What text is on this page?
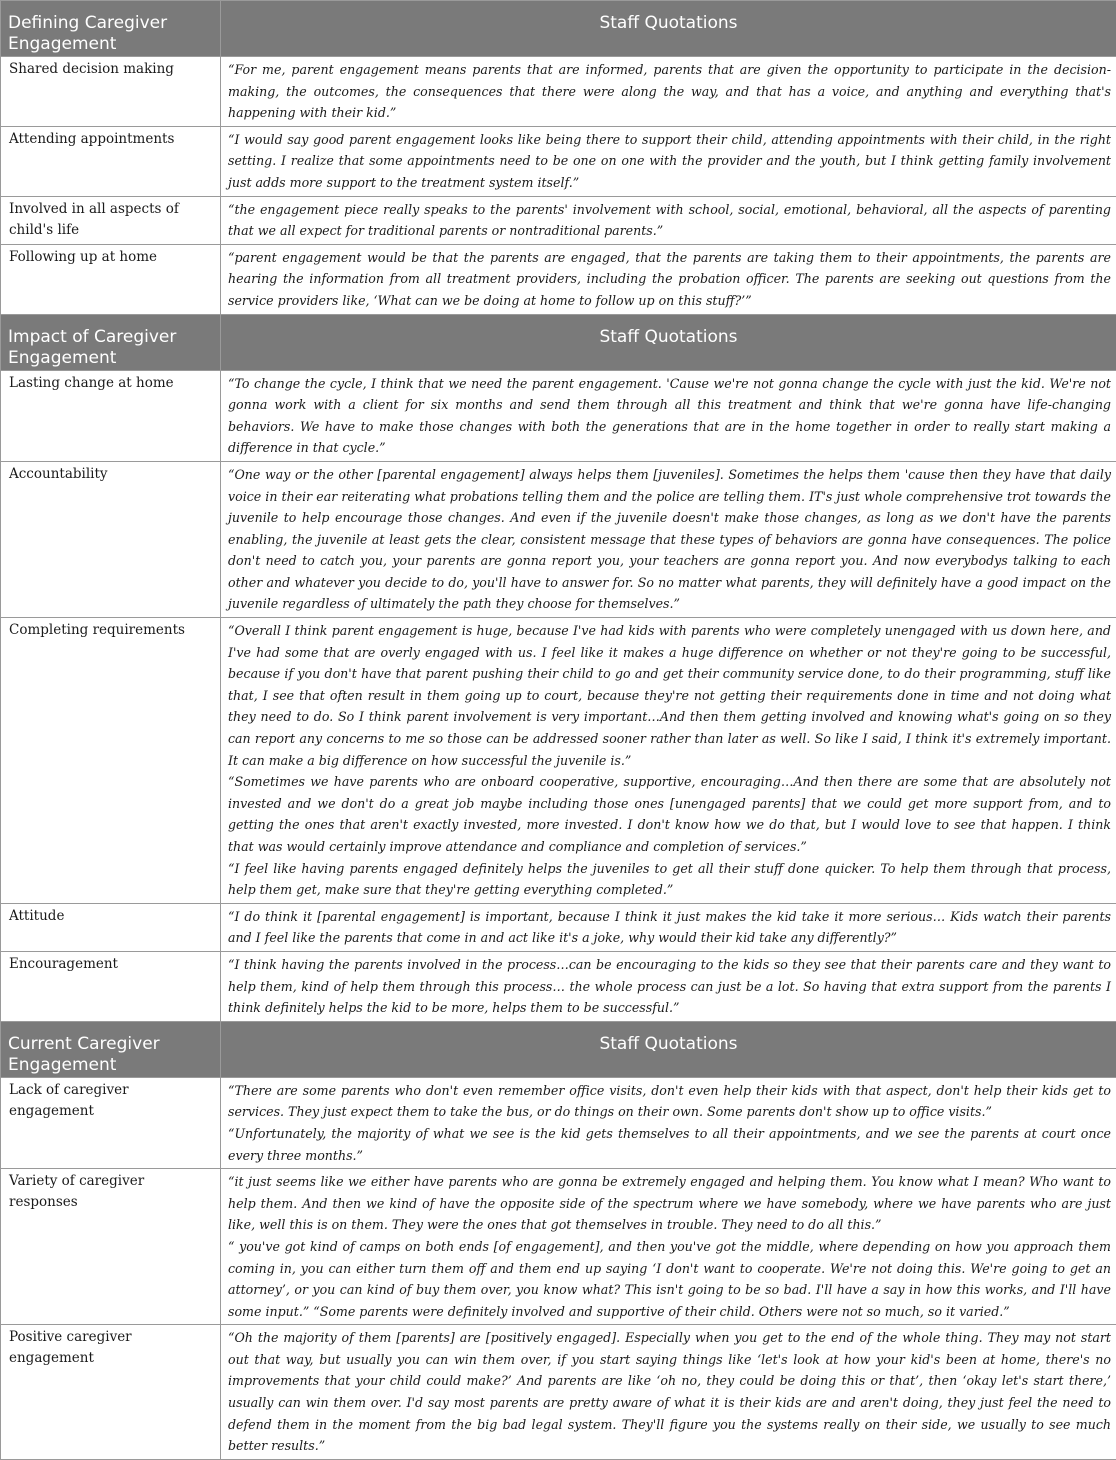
Defining Caregiver Engagement	Staff Quotations
Shared decision making	“For me, parent engagement means parents that are informed, parents that are given the opportunity to participate in the decision-making, the outcomes, the consequences that there were along the way, and that has a voice, and anything and everything that's happening with their kid.”

Attending appointments	“I would say good parent engagement looks like being there to support their child, attending appointments with their child, in the right setting. I realize that some appointments need to be one on one with the provider and the youth, but I think getting family involvement just adds more support to the treatment system itself.”

Involved in all aspects of child's life	“the engagement piece really speaks to the parents' involvement with school, social, emotional, behavioral, all the aspects of parenting that we all expect for traditional parents or nontraditional parents.”

Following up at home	“parent engagement would be that the parents are engaged, that the parents are taking them to their appointments, the parents are hearing the information from all treatment providers, including the probation officer. The parents are seeking out questions from the service providers like, ‘What can we be doing at home to follow up on this stuff?’”

Impact of Caregiver Engagement	Staff Quotations
Lasting change at home	“To change the cycle, I think that we need the parent engagement. 'Cause we're not gonna change the cycle with just the kid. We're not gonna work with a client for six months and send them through all this treatment and think that we're gonna have life-changing behaviors. We have to make those changes with both the generations that are in the home together in order to really start making a difference in that cycle.”

Accountability	“One way or the other [parental engagement] always helps them [juveniles]. Sometimes the helps them 'cause then they have that daily voice in their ear reiterating what probations telling them and the police are telling them. IT's just whole comprehensive trot towards the juvenile to help encourage those changes. And even if the juvenile doesn't make those changes, as long as we don't have the parents enabling, the juvenile at least gets the clear, consistent message that these types of behaviors are gonna have consequences. The police don't need to catch you, your parents are gonna report you, your teachers are gonna report you. And now everybodys talking to each other and whatever you decide to do, you'll have to answer for. So no matter what parents, they will definitely have a good impact on the juvenile regardless of ultimately the path they choose for themselves.”

Completing requirements	“Overall I think parent engagement is huge, because I've had kids with parents who were completely unengaged with us down here, and I've had some that are overly engaged with us. I feel like it makes a huge difference on whether or not they're going to be successful, because if you don't have that parent pushing their child to go and get their community service done, to do their programming, stuff like that, I see that often result in them going up to court, because they're not getting their requirements done in time and not doing what they need to do. So I think parent involvement is very important…And then them getting involved and knowing what's going on so they can report any concerns to me so those can be addressed sooner rather than later as well. So like I said, I think it's extremely important. It can make a big difference on how successful the juvenile is.”

“Sometimes we have parents who are onboard cooperative, supportive, encouraging…And then there are some that are absolutely not invested and we don't do a great job maybe including those ones [unengaged parents] that we could get more support from, and to getting the ones that aren't exactly invested, more invested. I don't know how we do that, but I would love to see that happen. I think that was would certainly improve attendance and compliance and completion of services.”

“I feel like having parents engaged definitely helps the juveniles to get all their stuff done quicker. To help them through that process, help them get, make sure that they're getting everything completed.”

Attitude	“I do think it [parental engagement] is important, because I think it just makes the kid take it more serious… Kids watch their parents and I feel like the parents that come in and act like it's a joke, why would their kid take any differently?”

Encouragement	“I think having the parents involved in the process…can be encouraging to the kids so they see that their parents care and they want to help them, kind of help them through this process… the whole process can just be a lot. So having that extra support from the parents I think definitely helps the kid to be more, helps them to be successful.”

Current Caregiver Engagement	Staff Quotations
Lack of caregiver engagement	“There are some parents who don't even remember office visits, don't even help their kids with that aspect, don't help their kids get to services. They just expect them to take the bus, or do things on their own. Some parents don't show up to office visits.”

“Unfortunately, the majority of what we see is the kid gets themselves to all their appointments, and we see the parents at court once every three months.”

Variety of caregiver responses	“it just seems like we either have parents who are gonna be extremely engaged and helping them. You know what I mean? Who want to help them. And then we kind of have the opposite side of the spectrum where we have somebody, where we have parents who are just like, well this is on them. They were the ones that got themselves in trouble. They need to do all this.”

“ you've got kind of camps on both ends [of engagement], and then you've got the middle, where depending on how you approach them coming in, you can either turn them off and them end up saying ‘I don't want to cooperate. We're not doing this. We're going to get an attorney’, or you can kind of buy them over, you know what? This isn't going to be so bad. I'll have a say in how this works, and I'll have some input.” “Some parents were definitely involved and supportive of their child. Others were not so much, so it varied.”

Positive caregiver engagement	“Oh the majority of them [parents] are [positively engaged]. Especially when you get to the end of the whole thing. They may not start out that way, but usually you can win them over, if you start saying things like ‘let's look at how your kid's been at home, there's no improvements that your child could make?’ And parents are like ‘oh no, they could be doing this or that’, then ‘okay let's start there,’ usually can win them over. I'd say most parents are pretty aware of what it is their kids are and aren't doing, they just feel the need to defend them in the moment from the big bad legal system. They'll figure you the systems really on their side, we usually to see much better results.”
